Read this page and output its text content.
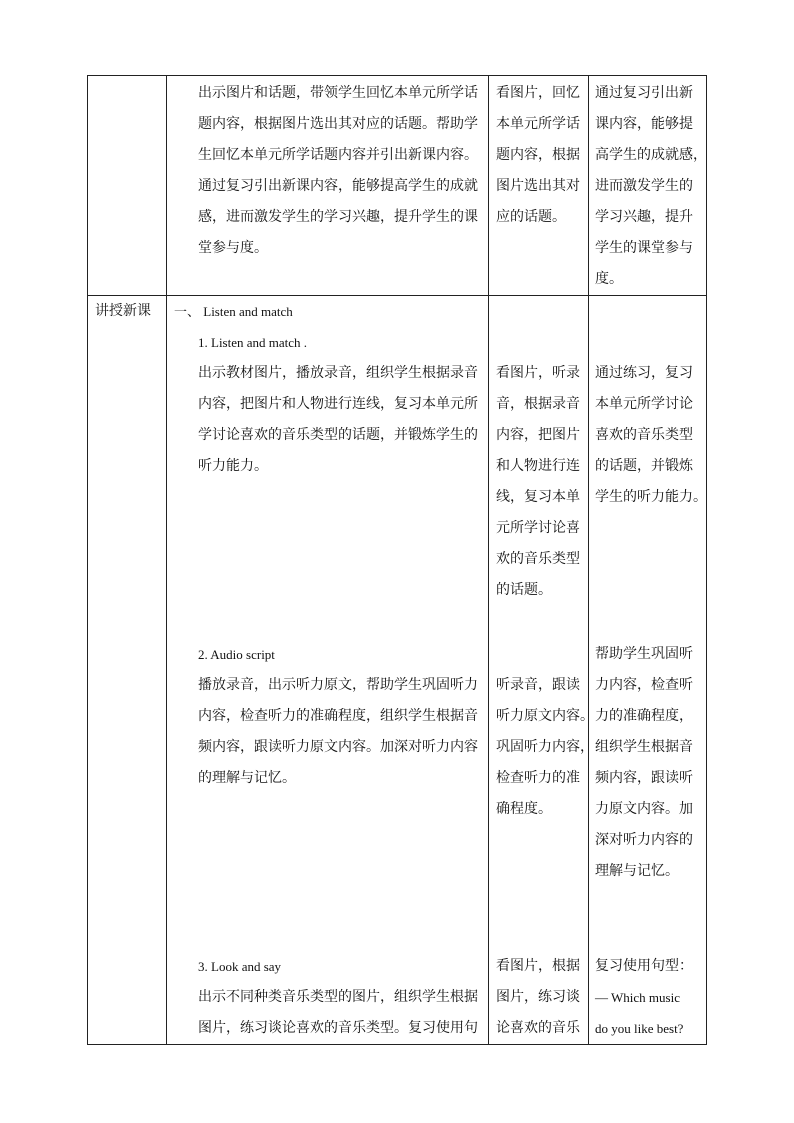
出示图片和话题，带领学生回忆本单元所学话
题内容，根据图片选出其对应的话题。帮助学
生回忆本单元所学话题内容并引出新课内容。
通过复习引出新课内容，能够提高学生的成就
感，进而激发学生的学习兴趣，提升学生的课
堂参与度。
看图片，回忆
本单元所学话
题内容，根据
图片选出其对
应的话题。
通过复习引出新
课内容，能够提
高学生的成就感，
进而激发学生的
学习兴趣，提升
学生的课堂参与
度。
讲授新课 一、 Listen and match
1. Listen and match .
出示教材图片，播放录音，组织学生根据录音
内容，把图片和人物进行连线，复习本单元所
学讨论喜欢的音乐类型的话题，并锻炼学生的
听力能力。
看图片，听录
音，根据录音
内容，把图片
和人物进行连
线，复习本单
元所学讨论喜
欢的音乐类型
的话题。
通过练习，复习
本单元所学讨论
喜欢的音乐类型
的话题，并锻炼
学生的听力能力。
2. Audio script
播放录音，出示听力原文，帮助学生巩固听力
内容，检查听力的准确程度，组织学生根据音
频内容，跟读听力原文内容。加深对听力内容
的理解与记忆。
听录音，跟读
听力原文内容。
巩固听力内容，
检查听力的准
确程度。
帮助学生巩固听
力内容，检查听
力的准确程度，
组织学生根据音
频内容，跟读听
力原文内容。加
深对听力内容的
理解与记忆。
3. Look and say
出示不同种类音乐类型的图片，组织学生根据
图片，练习谈论喜欢的音乐类型。复习使用句
看图片，根据
图片，练习谈
论喜欢的音乐
复习使用句型：
— Which music
do you like best?
